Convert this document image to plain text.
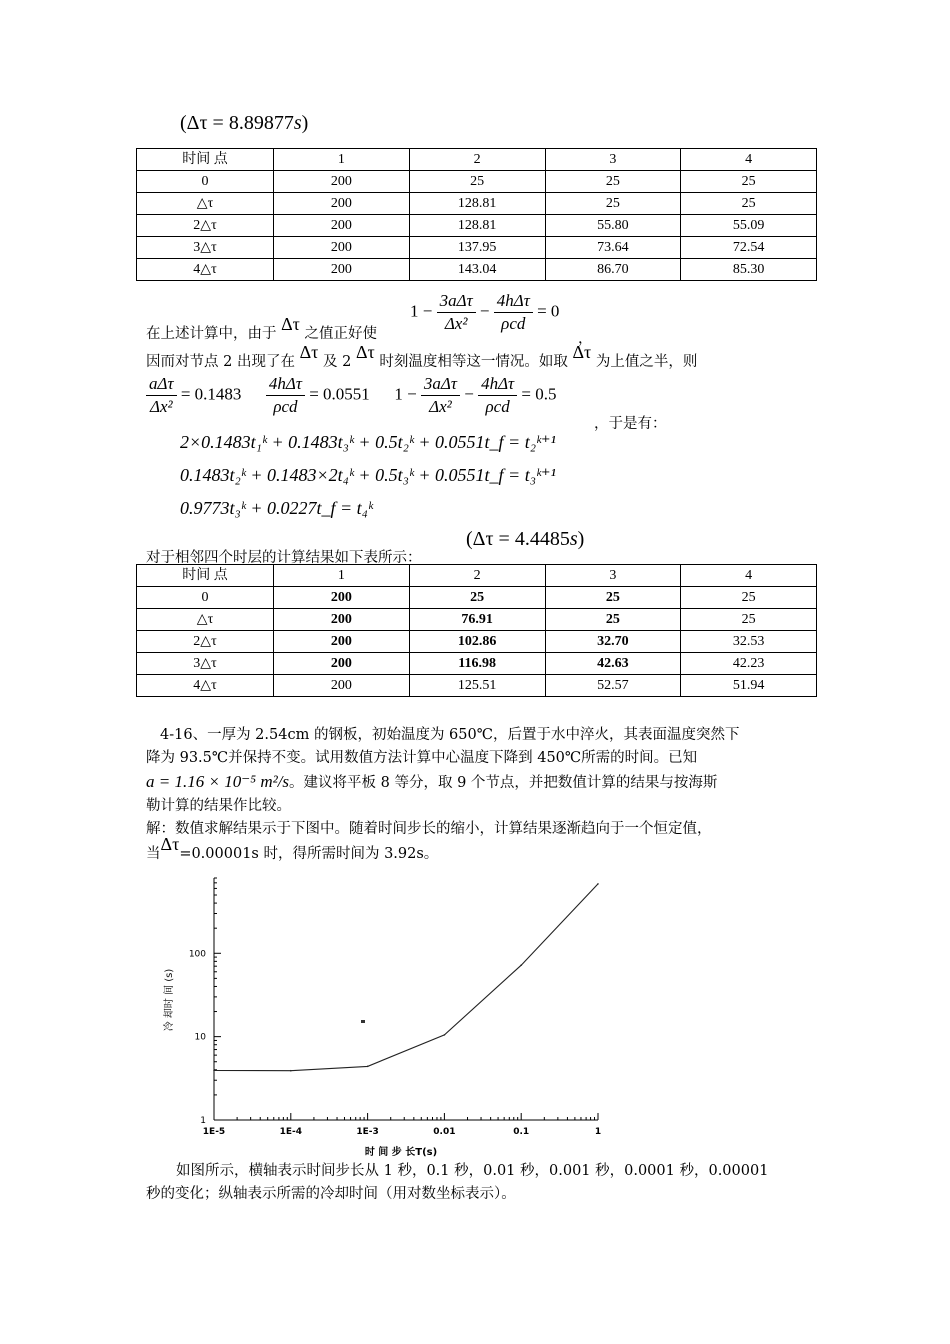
(Δτ = 8.89877s)
时间 点	1	2	3	4
0	200	25	25	25
△τ	200	128.81	25	25
2△τ	200	128.81	55.80	55.09
3△τ	200	137.95	73.64	72.54
4△τ	200	143.04	86.70	85.30
$1 - \frac{\text{3aΔτ}}{\text{Δx²}} - \frac{\text{4hΔτ}}{\text{ρcd}} = 0$
在上述计算中，由于 Δτ 之值正好使	，
因而对节点 2 出现了在 Δτ 及 2 Δτ 时刻温度相等这一情况。如取 Δτ 为上值之半，则
$\frac{\text{aΔτ}}{\text{Δx²}} = 0.1483 \frac{\text{4hΔτ}}{\text{ρcd}} = 0.0551$ $1 - \frac{\text{3aΔτ}}{\text{Δx²}} - \frac{\text{4hΔτ}}{\text{ρcd}} = 0.5$
，于是有：
2×0.1483t₁ᵏ + 0.1483t₃ᵏ + 0.5t₂ᵏ + 0.0551t_f = t₂ᵏ⁺¹
0.1483t₂ᵏ + 0.1483×2t₄ᵏ + 0.5t₃ᵏ + 0.0551t_f = t₃ᵏ⁺¹
0.9773t₃ᵏ + 0.0227t_f = t₄ᵏ
(Δτ = 4.4485s)
对于相邻四个时层的计算结果如下表所示：
时间 点	1	2	3	4
0	200	25	25	25
△τ	200	76.91	25	25
2△τ	200	102.86	32.70	32.53
3△τ	200	116.98	42.63	42.23
4△τ	200	125.51	52.57	51.94
4-16、一厚为 2.54cm 的钢板，初始温度为 650℃，后置于水中淬火，其表面温度突然下
降为 93.5℃并保持不变。试用数值方法计算中心温度下降到 450℃所需的时间。已知
a = 1.16 × 10⁻⁵ m²/s。建议将平板 8 等分，取 9 个节点，并把数值计算的结果与按海斯
勒计算的结果作比较。
解：数值求解结果示于下图中。随着时间步长的缩小，计算结果逐渐趋向于一个恒定值，
当Δτ=0.00001s 时，得所需时间为 3.92s。
1E-5	1E-4	1E-3	0.01	0.1	1
1
10
100
时 间 步 长T(s)
冷 却时 间 (s)
如图所示，横轴表示时间步长从 1 秒，0.1 秒，0.01 秒，0.001 秒，0.0001 秒，0.00001
秒的变化；纵轴表示所需的冷却时间（用对数坐标表示）。
